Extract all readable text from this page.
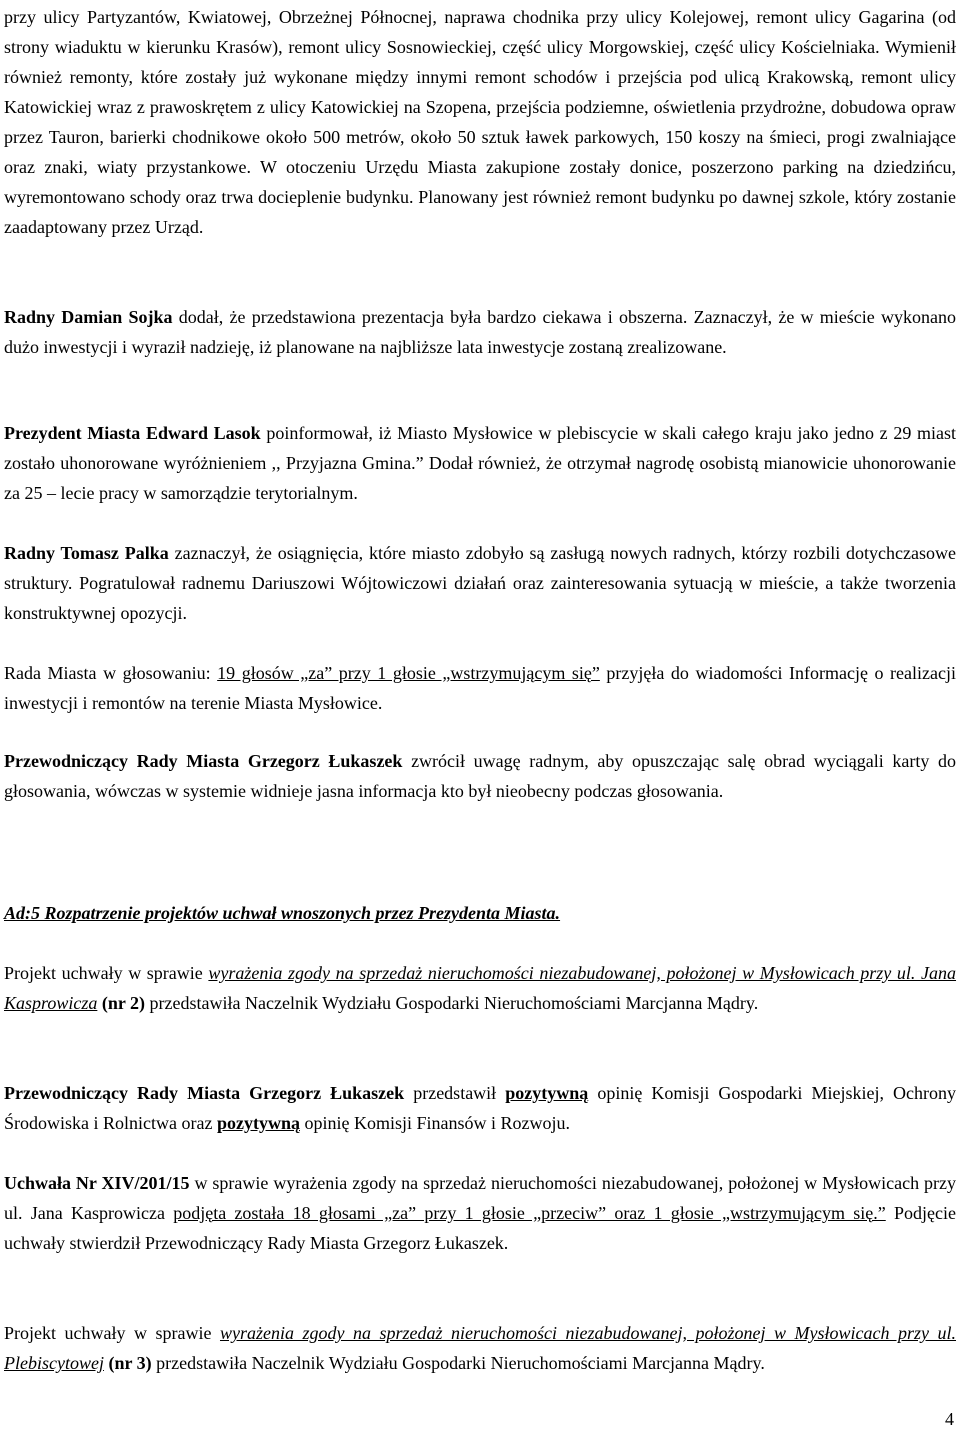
przy ulicy Partyzantów, Kwiatowej, Obrzeżnej Północnej, naprawa chodnika przy ulicy Kolejowej, remont ulicy Gagarina (od strony wiaduktu w kierunku Krasów), remont ulicy Sosnowieckiej, część ulicy Morgowskiej, część ulicy Kościelniaka. Wymienił również remonty, które zostały już wykonane między innymi remont schodów i przejścia pod ulicą Krakowską, remont ulicy Katowickiej wraz z prawoskrętem z ulicy Katowickiej na Szopena, przejścia podziemne, oświetlenia przydrożne, dobudowa opraw przez Tauron, barierki chodnikowe około 500 metrów, około 50 sztuk ławek parkowych, 150 koszy na śmieci, progi zwalniające oraz znaki, wiaty przystankowe. W otoczeniu Urzędu Miasta zakupione zostały donice, poszerzono parking na dziedzińcu, wyremontowano schody oraz trwa docieplenie budynku. Planowany jest również remont budynku po dawnej szkole, który zostanie zaadaptowany przez Urząd.

Radny Damian Sojka dodał, że przedstawiona prezentacja była bardzo ciekawa i obszerna. Zaznaczył, że w mieście wykonano dużo inwestycji i wyraził nadzieję, iż planowane na najbliższe lata inwestycje zostaną zrealizowane.

Prezydent Miasta Edward Lasok poinformował, iż Miasto Mysłowice w plebiscycie w skali całego kraju jako jedno z 29 miast zostało uhonorowane wyróżnieniem ,, Przyjazna Gmina.” Dodał również, że otrzymał nagrodę osobistą mianowicie uhonorowanie za 25 – lecie pracy w samorządzie terytorialnym.

Radny Tomasz Palka zaznaczył, że osiągnięcia, które miasto zdobyło są zasługą nowych radnych, którzy rozbili dotychczasowe struktury. Pogratulował radnemu Dariuszowi Wójtowiczowi działań oraz zainteresowania sytuacją w mieście, a także tworzenia konstruktywnej opozycji.

Rada Miasta w głosowaniu: 19 głosów „za” przy 1 głosie „wstrzymującym się” przyjęła do wiadomości Informację o realizacji inwestycji i remontów na terenie Miasta Mysłowice.

Przewodniczący Rady Miasta Grzegorz Łukaszek zwrócił uwagę radnym, aby opuszczając salę obrad wyciągali karty do głosowania, wówczas w systemie widnieje jasna informacja kto był nieobecny podczas głosowania.

Ad:5 Rozpatrzenie projektów uchwał wnoszonych przez Prezydenta Miasta.

Projekt uchwały w sprawie wyrażenia zgody na sprzedaż nieruchomości niezabudowanej, położonej w Mysłowicach przy ul. Jana Kasprowicza (nr 2) przedstawiła Naczelnik Wydziału Gospodarki Nieruchomościami Marcjanna Mądry.

Przewodniczący Rady Miasta Grzegorz Łukaszek przedstawił pozytywną opinię Komisji Gospodarki Miejskiej, Ochrony Środowiska i Rolnictwa oraz pozytywną opinię Komisji Finansów i Rozwoju.

Uchwała Nr XIV/201/15 w sprawie wyrażenia zgody na sprzedaż nieruchomości niezabudowanej, położonej w Mysłowicach przy ul. Jana Kasprowicza podjęta została 18 głosami „za” przy 1 głosie „przeciw” oraz 1 głosie „wstrzymującym się.” Podjęcie uchwały stwierdził Przewodniczący Rady Miasta Grzegorz Łukaszek.

Projekt uchwały w sprawie wyrażenia zgody na sprzedaż nieruchomości niezabudowanej, położonej w Mysłowicach przy ul. Plebiscytowej (nr 3) przedstawiła Naczelnik Wydziału Gospodarki Nieruchomościami Marcjanna Mądry.

4
